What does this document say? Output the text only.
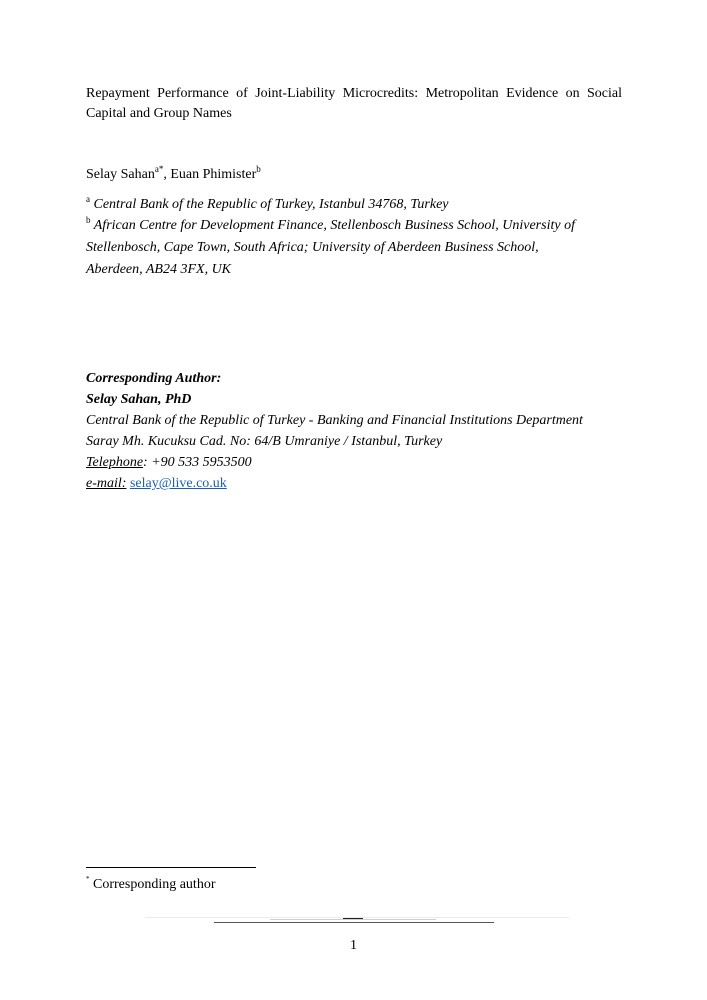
Repayment Performance of Joint-Liability Microcredits: Metropolitan Evidence on Social Capital and Group Names
Selay Sahan$^{a*}$, Euan Phimister$^b$
$^a$ Central Bank of the Republic of Turkey, Istanbul 34768, Turkey
$^b$ African Centre for Development Finance, Stellenbosch Business School, University of Stellenbosch, Cape Town, South Africa; University of Aberdeen Business School, Aberdeen, AB24 3FX, UK
Corresponding Author:
Selay Sahan, PhD
Central Bank of the Republic of Turkey - Banking and Financial Institutions Department
Saray Mh. Kucuksu Cad. No: 64/B Umraniye / Istanbul, Turkey
Telephone: +90 533 5953500
e-mail: selay@live.co.uk
* Corresponding author
1
